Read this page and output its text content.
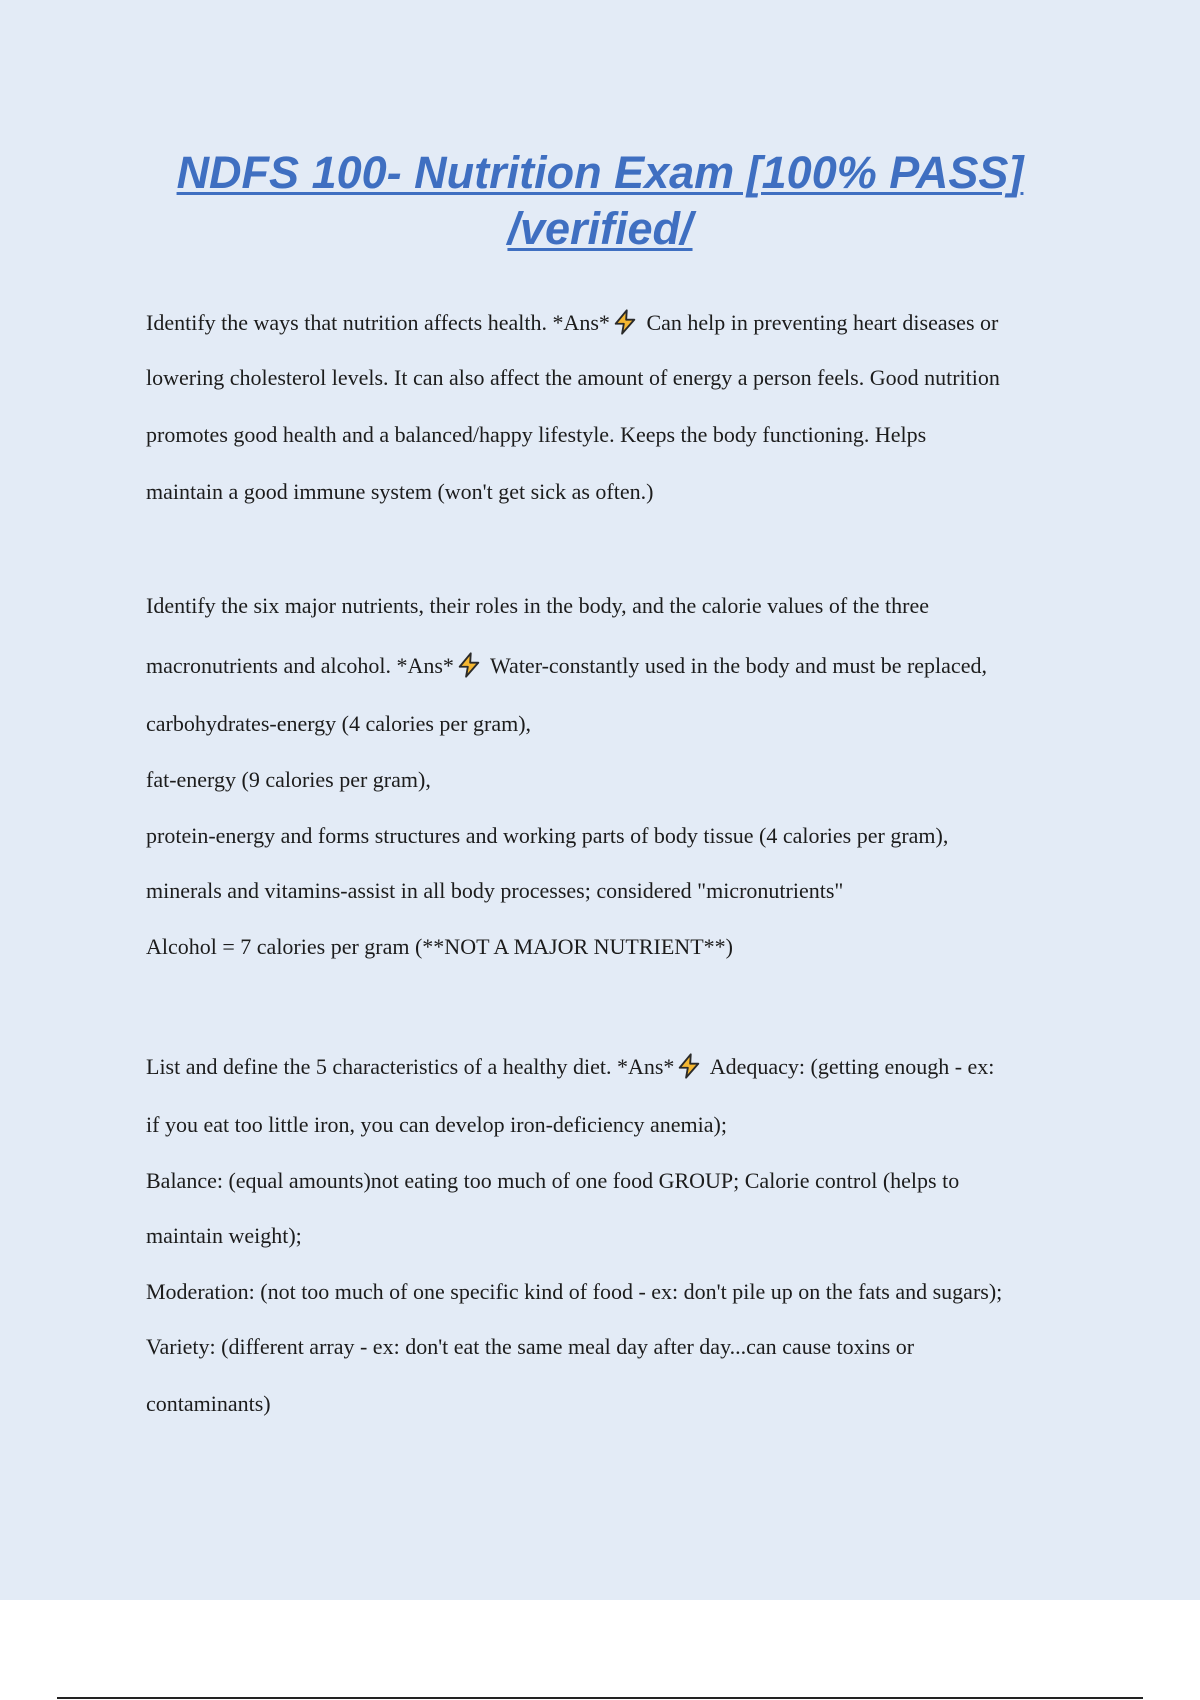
NDFS 100- Nutrition Exam [100% PASS] /verified/
Identify the ways that nutrition affects health. *Ans* Can help in preventing heart diseases or
lowering cholesterol levels. It can also affect the amount of energy a person feels. Good nutrition
promotes good health and a balanced/happy lifestyle. Keeps the body functioning. Helps
maintain a good immune system (won't get sick as often.)
Identify the six major nutrients, their roles in the body, and the calorie values of the three
macronutrients and alcohol. *Ans* Water-constantly used in the body and must be replaced,
carbohydrates-energy (4 calories per gram),
fat-energy (9 calories per gram),
protein-energy and forms structures and working parts of body tissue (4 calories per gram),
minerals and vitamins-assist in all body processes; considered "micronutrients"
Alcohol = 7 calories per gram (**NOT A MAJOR NUTRIENT**)
List and define the 5 characteristics of a healthy diet. *Ans* Adequacy: (getting enough - ex:
if you eat too little iron, you can develop iron-deficiency anemia);
Balance: (equal amounts)not eating too much of one food GROUP; Calorie control (helps to
maintain weight);
Moderation: (not too much of one specific kind of food - ex: don't pile up on the fats and sugars);
Variety: (different array - ex: don't eat the same meal day after day...can cause toxins or
contaminants)
